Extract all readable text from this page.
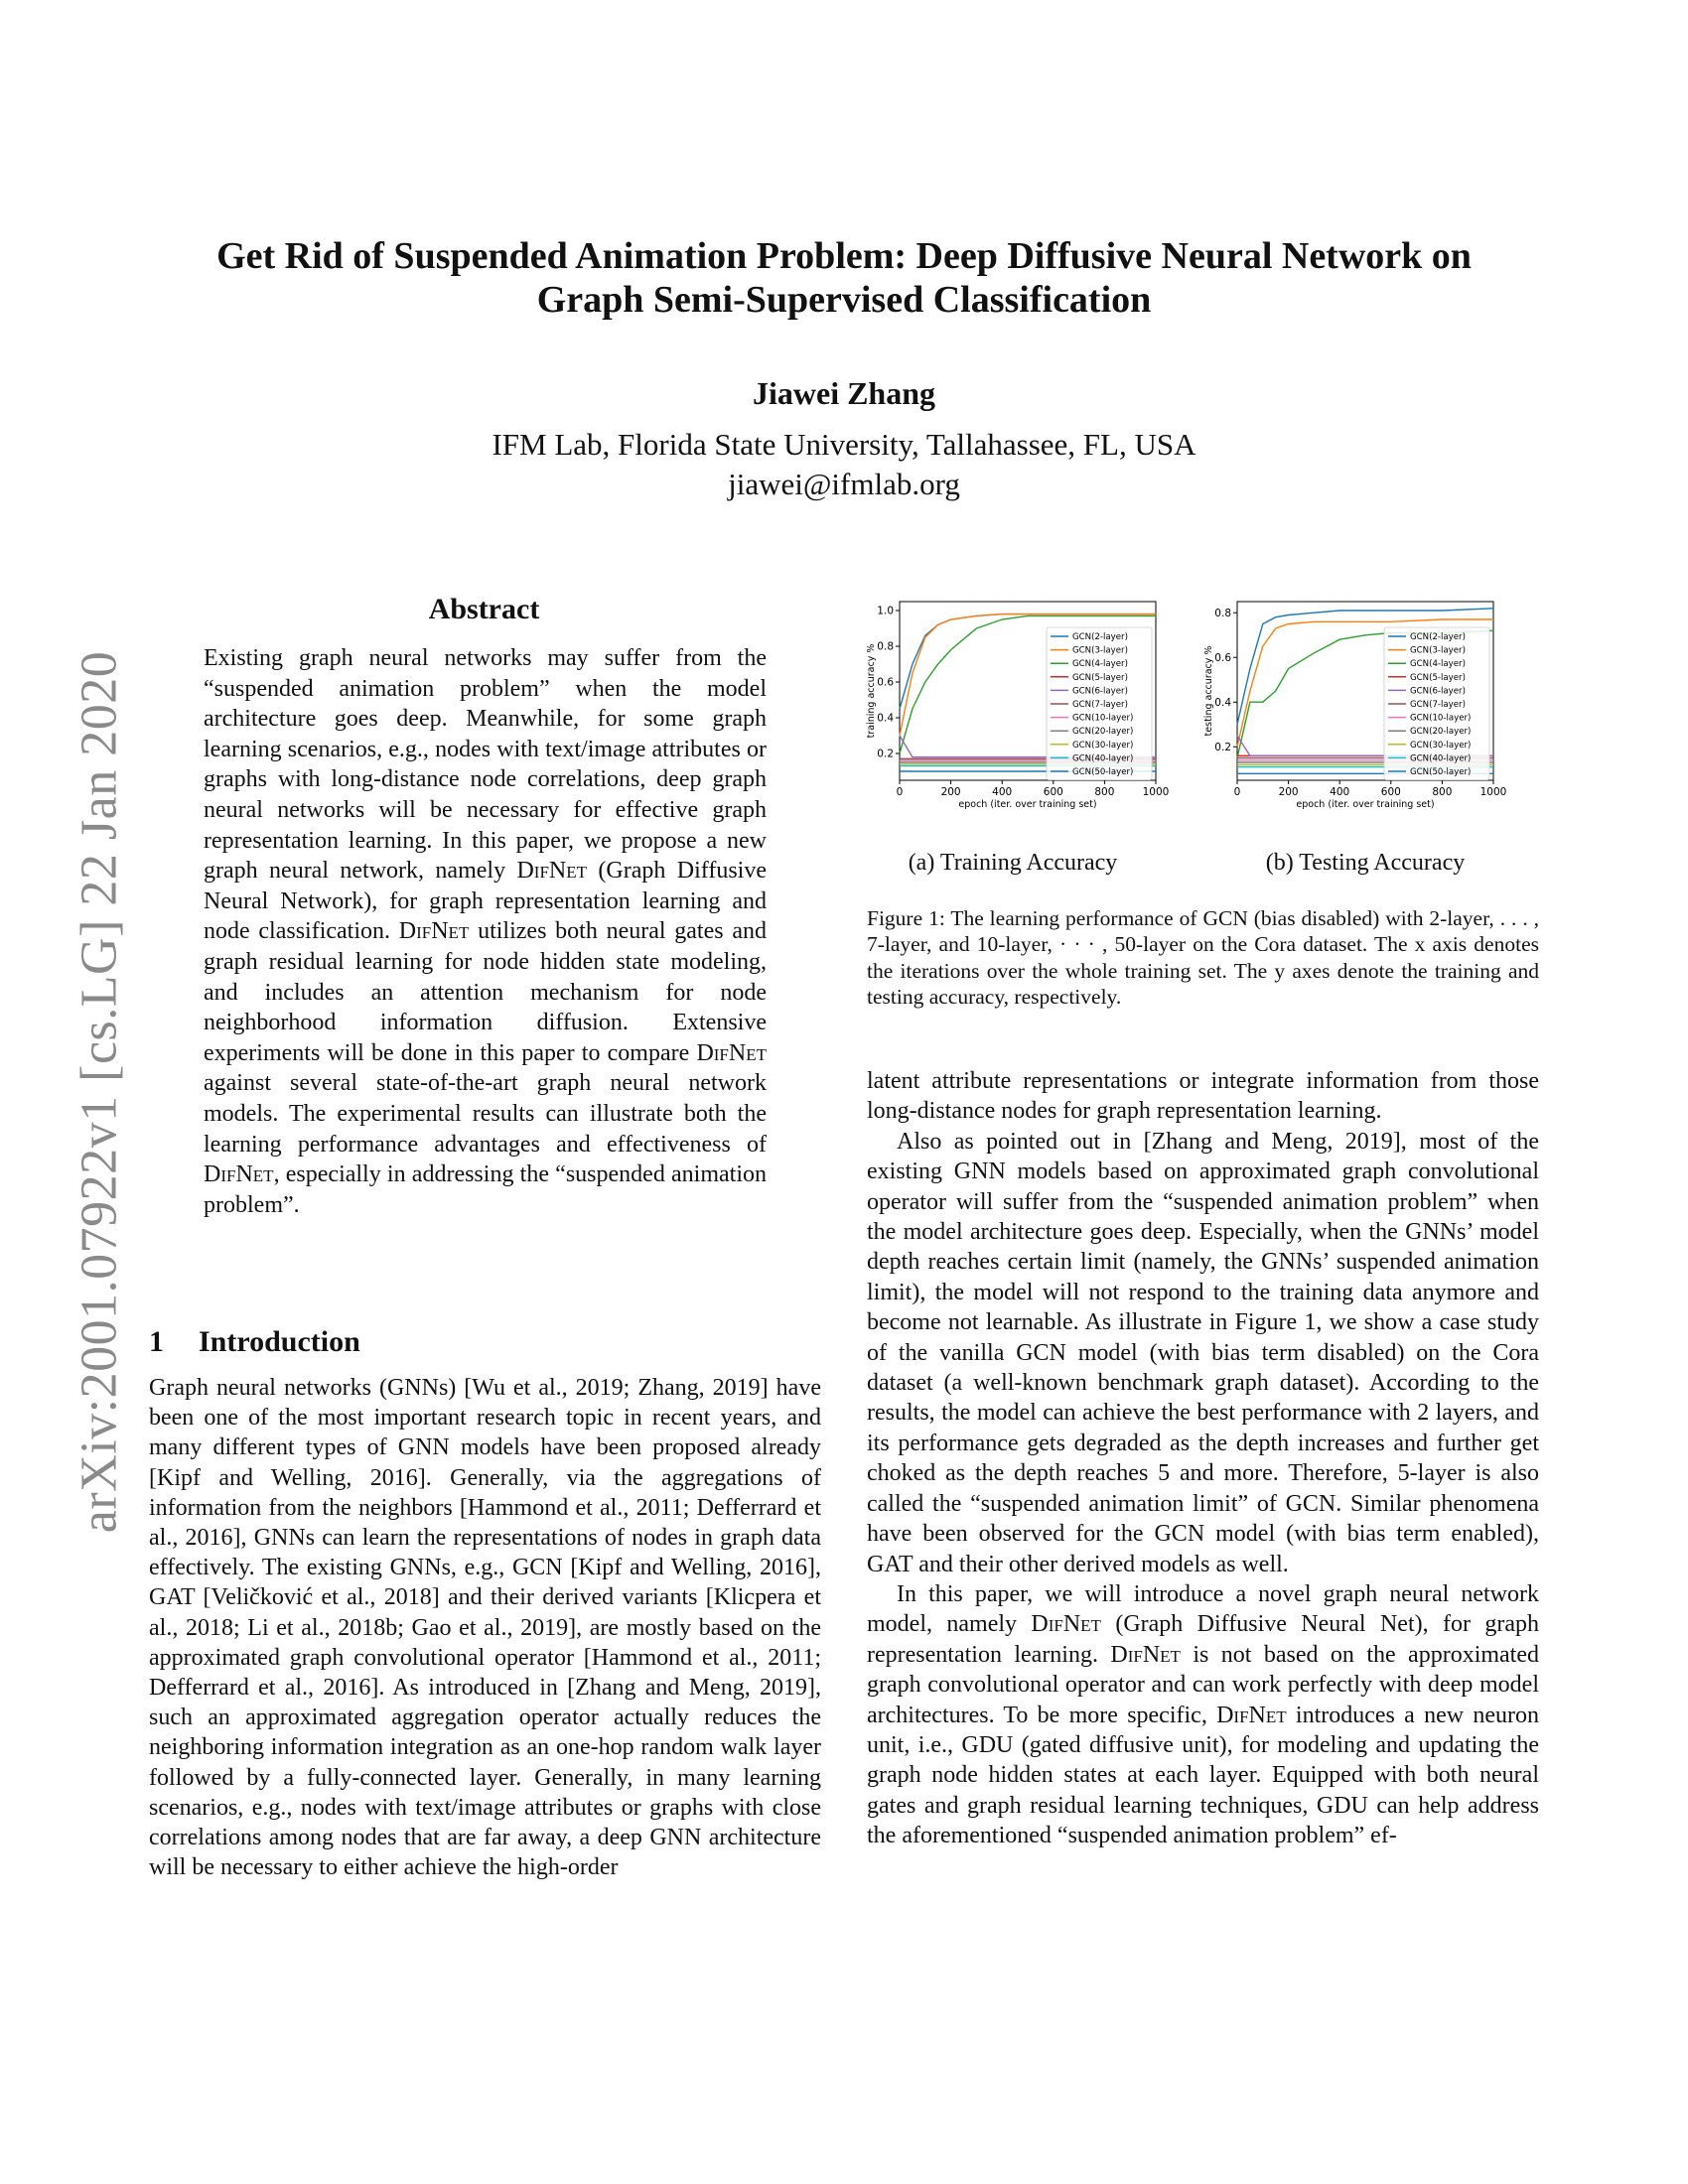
arXiv:2001.07922v1 [cs.LG] 22 Jan 2020
Get Rid of Suspended Animation Problem: Deep Diffusive Neural Network on
Graph Semi-Supervised Classification
Jiawei Zhang
IFM Lab, Florida State University, Tallahassee, FL, USA
jiawei@ifmlab.org
Abstract

Existing graph neural networks may suffer from the “suspended animation problem” when the model architecture goes deep. Meanwhile, for some graph learning scenarios, e.g., nodes with text/image attributes or graphs with long-distance node correlations, deep graph neural networks will be necessary for effective graph representation learning. In this paper, we propose a new graph neural network, namely DifNet (Graph Diffusive Neural Network), for graph representation learning and node classification. DifNet utilizes both neural gates and graph residual learning for node hidden state modeling, and includes an attention mechanism for node neighborhood information diffusion. Extensive experiments will be done in this paper to compare DifNet against several state-of-the-art graph neural network models. The experimental results can illustrate both the learning performance advantages and effectiveness of DifNet, especially in addressing the “suspended animation problem”.

1 Introduction

Graph neural networks (GNNs) [Wu et al., 2019; Zhang, 2019] have been one of the most important research topic in recent years, and many different types of GNN models have been proposed already [Kipf and Welling, 2016]. Generally, via the aggregations of information from the neighbors [Hammond et al., 2011; Defferrard et al., 2016], GNNs can learn the representations of nodes in graph data effectively. The existing GNNs, e.g., GCN [Kipf and Welling, 2016], GAT [Veličković et al., 2018] and their derived variants [Klicpera et al., 2018; Li et al., 2018b; Gao et al., 2019], are mostly based on the approximated graph convolutional operator [Hammond et al., 2011; Defferrard et al., 2016]. As introduced in [Zhang and Meng, 2019], such an approximated aggregation operator actually reduces the neighboring information integration as an one-hop random walk layer followed by a fully-connected layer. Generally, in many learning scenarios, e.g., nodes with text/image attributes or graphs with close correlations among nodes that are far away, a deep GNN architecture will be necessary to either achieve the high-order

0	200	400	600	800	1000
0.2
0.4
0.6
0.8
1.0
epoch (iter. over training set)
training accuracy %
GCN(2-layer)
GCN(3-layer)
GCN(4-layer)
GCN(5-layer)
GCN(6-layer)
GCN(7-layer)
GCN(10-layer)
GCN(20-layer)
GCN(30-layer)
GCN(40-layer)
GCN(50-layer)
0	200	400	600	800	1000
0.2
0.4
0.6
0.8
epoch (iter. over training set)
testing accuracy %
GCN(2-layer)
GCN(3-layer)
GCN(4-layer)
GCN(5-layer)
GCN(6-layer)
GCN(7-layer)
GCN(10-layer)
GCN(20-layer)
GCN(30-layer)
GCN(40-layer)
GCN(50-layer)
(a) Training Accuracy	(b) Testing Accuracy

Figure 1: The learning performance of GCN (bias disabled) with 2-layer, . . . , 7-layer, and 10-layer, · · · , 50-layer on the Cora dataset. The x axis denotes the iterations over the whole training set. The y axes denote the training and testing accuracy, respectively.

latent attribute representations or integrate information from those long-distance nodes for graph representation learning.

Also as pointed out in [Zhang and Meng, 2019], most of the existing GNN models based on approximated graph convolutional operator will suffer from the “suspended animation problem” when the model architecture goes deep. Especially, when the GNNs’ model depth reaches certain limit (namely, the GNNs’ suspended animation limit), the model will not respond to the training data anymore and become not learnable. As illustrate in Figure 1, we show a case study of the vanilla GCN model (with bias term disabled) on the Cora dataset (a well-known benchmark graph dataset). According to the results, the model can achieve the best performance with 2 layers, and its performance gets degraded as the depth increases and further get choked as the depth reaches 5 and more. Therefore, 5-layer is also called the “suspended animation limit” of GCN. Similar phenomena have been observed for the GCN model (with bias term enabled), GAT and their other derived models as well.

In this paper, we will introduce a novel graph neural network model, namely DifNet (Graph Diffusive Neural Net), for graph representation learning. DifNet is not based on the approximated graph convolutional operator and can work perfectly with deep model architectures. To be more specific, DifNet introduces a new neuron unit, i.e., GDU (gated diffusive unit), for modeling and updating the graph node hidden states at each layer. Equipped with both neural gates and graph residual learning techniques, GDU can help address the aforementioned “suspended animation problem” ef-
